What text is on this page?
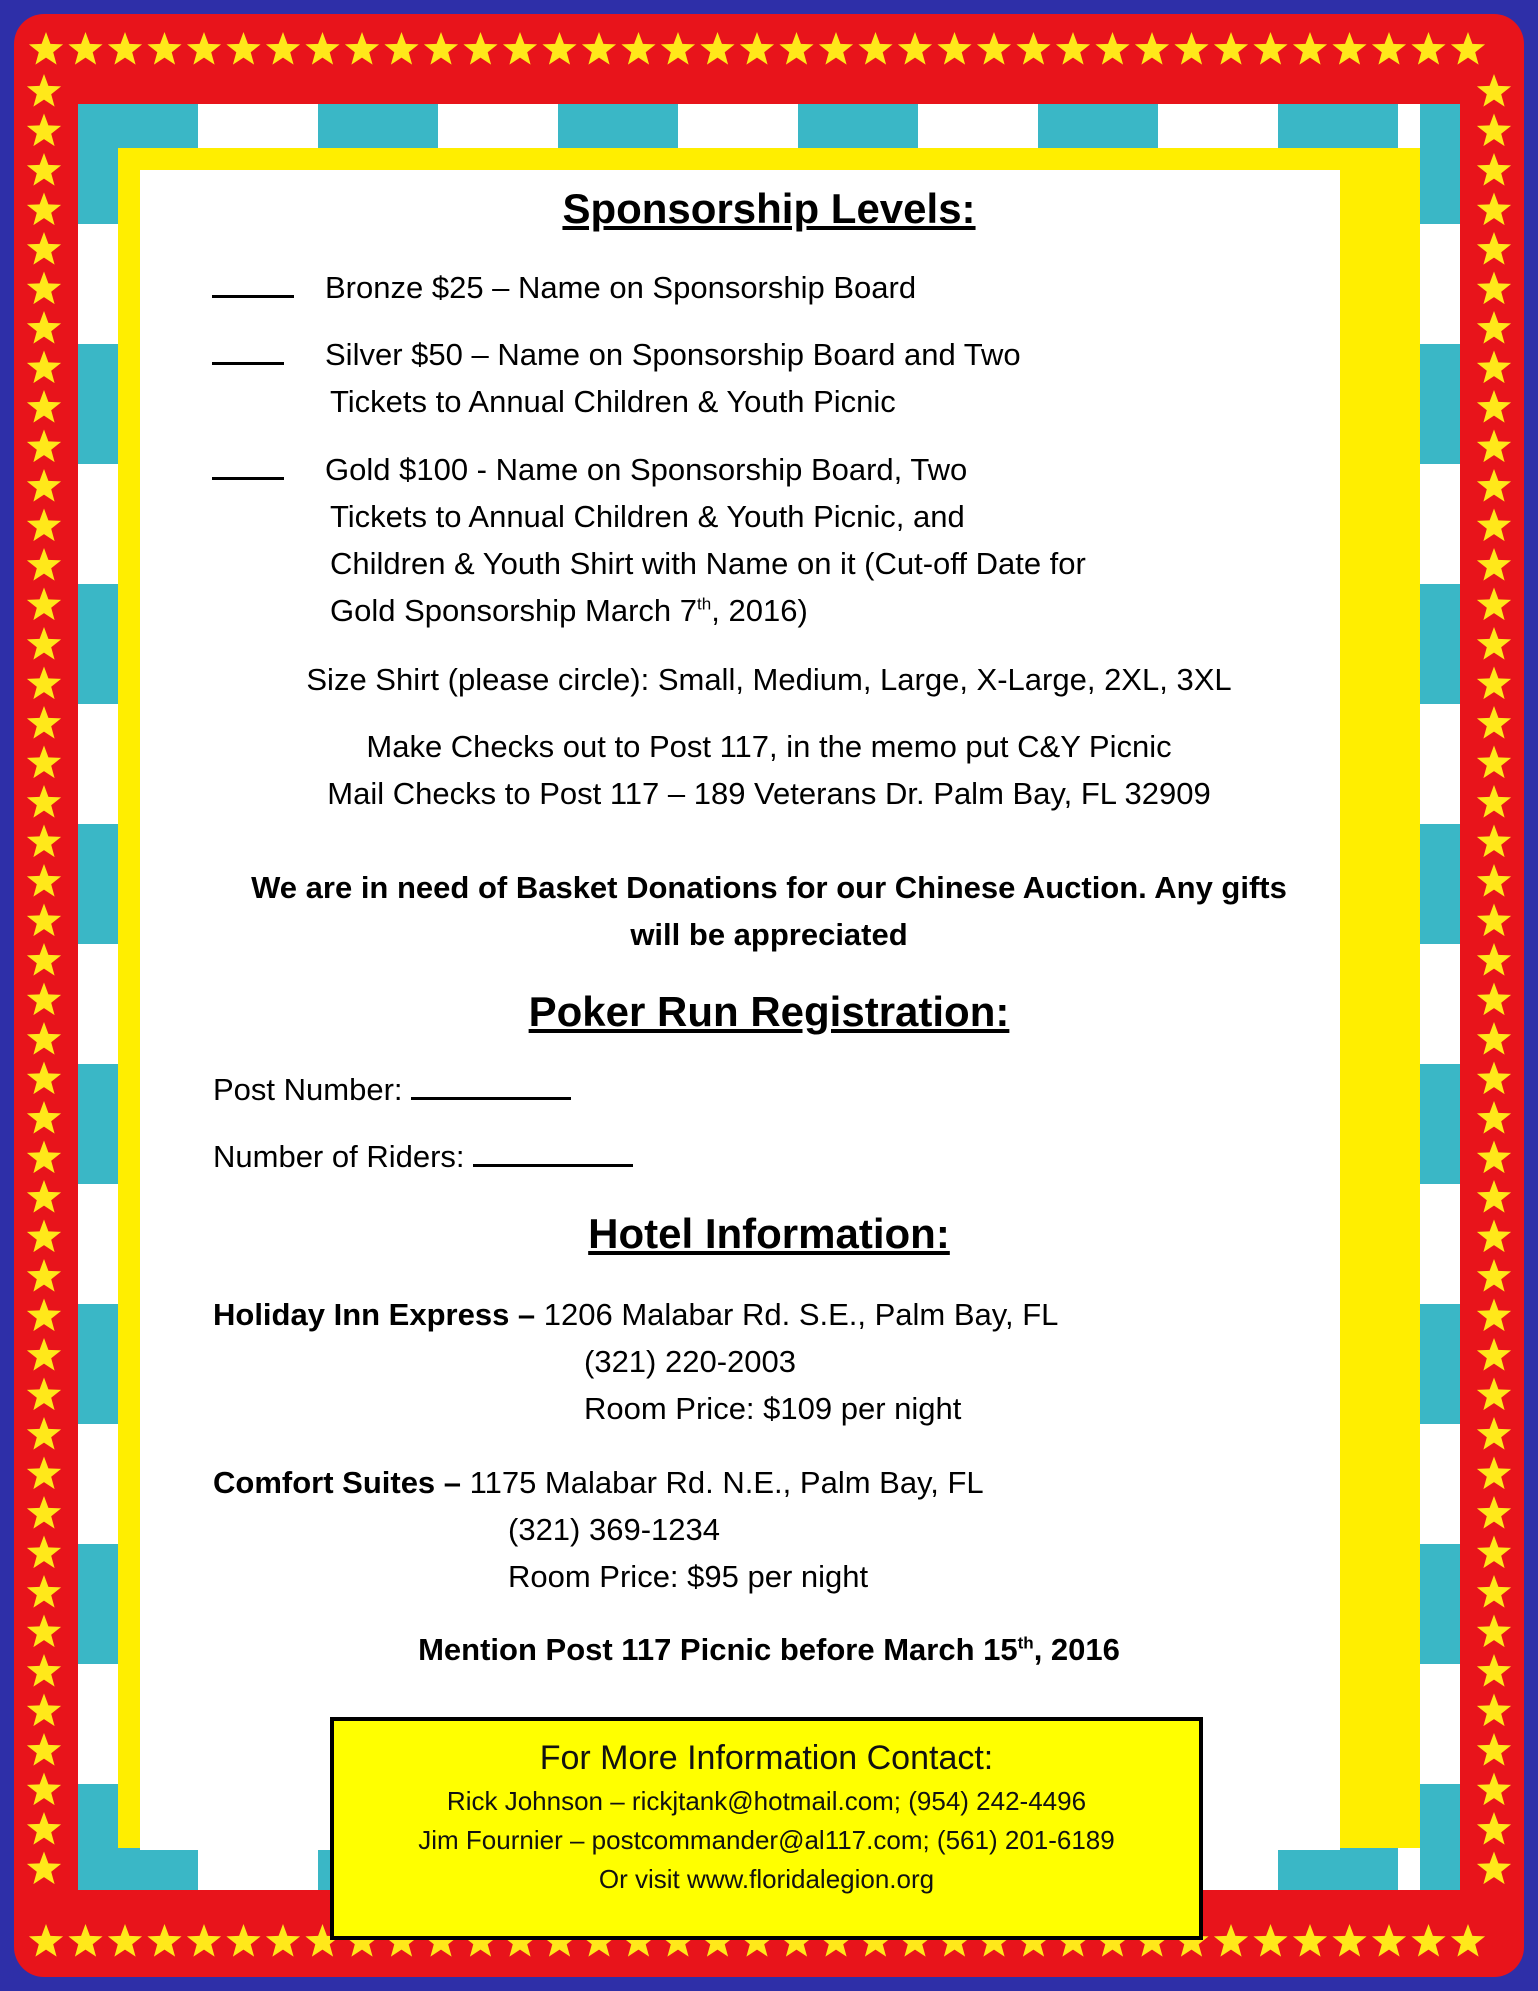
Sponsorship Levels:
Bronze $25 – Name on Sponsorship Board
Silver $50 – Name on Sponsorship Board and Two
Tickets to Annual Children & Youth Picnic
Gold $100 - Name on Sponsorship Board, Two
Tickets to Annual Children & Youth Picnic, and
Children & Youth Shirt with Name on it (Cut-off Date for
Gold Sponsorship March 7th, 2016)
Size Shirt (please circle): Small, Medium, Large, X-Large, 2XL, 3XL
Make Checks out to Post 117, in the memo put C&Y Picnic
Mail Checks to Post 117 – 189 Veterans Dr. Palm Bay, FL 32909
We are in need of Basket Donations for our Chinese Auction. Any gifts
will be appreciated
Poker Run Registration:
Post Number:
Number of Riders:
Hotel Information:
Holiday Inn Express – 1206 Malabar Rd. S.E., Palm Bay, FL
(321) 220-2003
Room Price: $109 per night
Comfort Suites – 1175 Malabar Rd. N.E., Palm Bay, FL
(321) 369-1234
Room Price: $95 per night
Mention Post 117 Picnic before March 15th, 2016
For More Information Contact:
Rick Johnson – rickjtank@hotmail.com; (954) 242-4496
Jim Fournier – postcommander@al117.com; (561) 201-6189
Or visit www.floridalegion.org
